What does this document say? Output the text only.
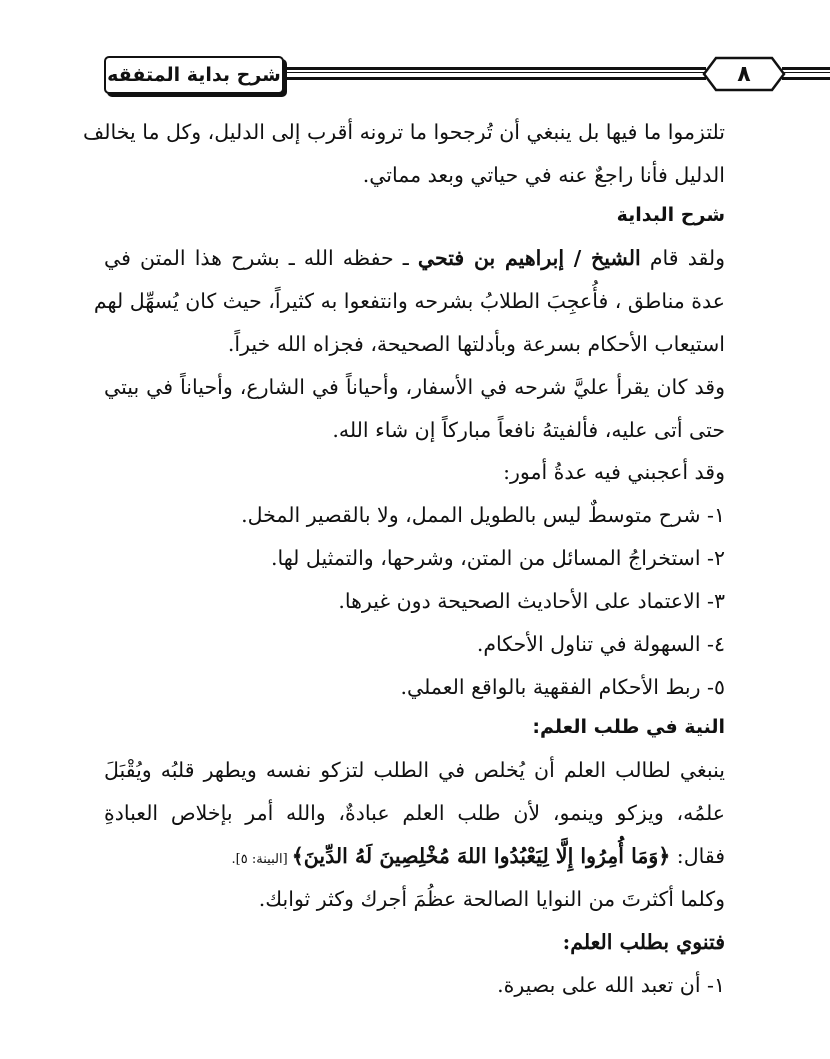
شرح بداية المتفقه	٨
تلتزموا ما فيها بل ينبغي أن تُرجحوا ما ترونه أقرب إلى الدليل، وكل ما يخالف
الدليل فأنا راجعٌ عنه في حياتي وبعد مماتي.
شرح البداية
ولقد قام الشيخ / إبراهيم بن فتحي ـ حفظه الله ـ بشرح هذا المتن في
عدة مناطق ، فأُعجِبَ الطلابُ بشرحه وانتفعوا به كثيراً، حيث كان يُسهِّل لهم
استيعاب الأحكام بسرعة وبأدلتها الصحيحة، فجزاه الله خيراً.
وقد كان يقرأ عليَّ شرحه في الأسفار، وأحياناً في الشارع، وأحياناً في بيتي
حتى أتى عليه، فألفيتهُ نافعاً مباركاً إن شاء الله.
وقد أعجبني فيه عدةُ أمور:
١- شرح متوسطٌ ليس بالطويل الممل، ولا بالقصير المخل.
٢- استخراجُ المسائل من المتن، وشرحها، والتمثيل لها.
٣- الاعتماد على الأحاديث الصحيحة دون غيرها.
٤- السهولة في تناول الأحكام.
٥- ربط الأحكام الفقهية بالواقع العملي.
النية في طلب العلم:
ينبغي لطالب العلم أن يُخلص في الطلب لتزكو نفسه ويطهر قلبُه ويُقْبَلَ
علمُه، ويزكو وينمو، لأن طلب العلم عبادةٌ، والله أمر بإخلاص العبادةِ
فقال: ﴿وَمَا أُمِرُوا إِلَّا لِيَعْبُدُوا اللهَ مُخْلِصِينَ لَهُ الدِّينَ﴾ [البينة: ٥].
وكلما أكثرتَ من النوايا الصالحة عظُمَ أجرك وكثر ثوابك.
فتنوي بطلب العلم:
١- أن تعبد الله على بصيرة.
